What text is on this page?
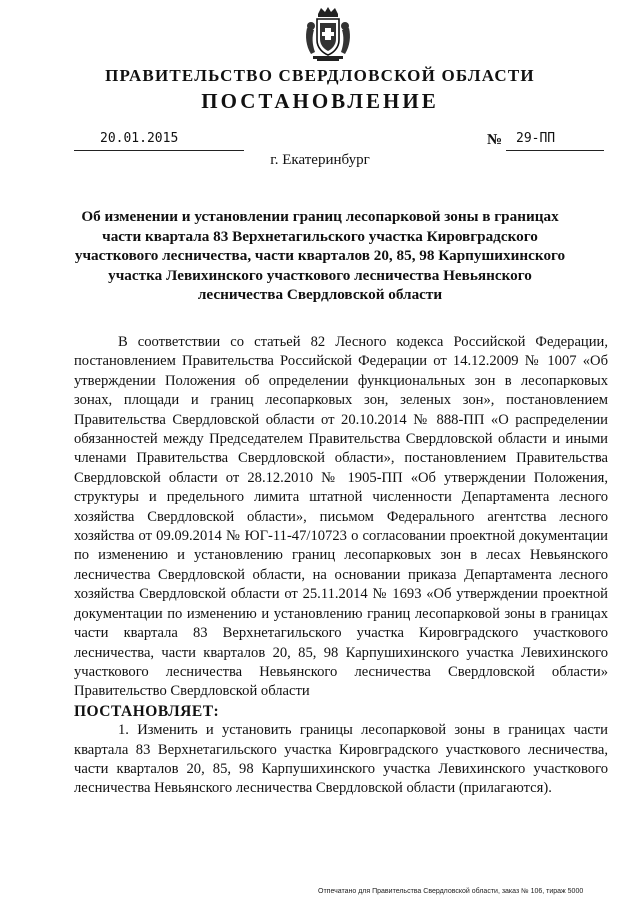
ПРАВИТЕЛЬСТВО СВЕРДЛОВСКОЙ ОБЛАСТИ
ПОСТАНОВЛЕНИЕ
20.01.2015	№ 29-ПП
г. Екатеринбург
Об изменении и установлении границ лесопарковой зоны в границах части квартала 83 Верхнетагильского участка Кировградского участкового лесничества, части кварталов 20, 85, 98 Карпушихинского участка Левихинского участкового лесничества Невьянского лесничества Свердловской области

В соответствии со статьей 82 Лесного кодекса Российской Федерации, постановлением Правительства Российской Федерации от 14.12.2009 № 1007 «Об утверждении Положения об определении функциональных зон в лесопарковых зонах, площади и границ лесопарковых зон, зеленых зон», постановлением Правительства Свердловской области от 20.10.2014 № 888-ПП «О распределении обязанностей между Председателем Правительства Свердловской области и иными членами Правительства Свердловской области», постановлением Правительства Свердловской области от 28.12.2010 № 1905-ПП «Об утверждении Положения, структуры и предельного лимита штатной численности Департамента лесного хозяйства Свердловской области», письмом Федерального агентства лесного хозяйства от 09.09.2014 № ЮГ-11-47/10723 о согласовании проектной документации по изменению и установлению границ лесопарковых зон в лесах Невьянского лесничества Свердловской области, на основании приказа Департамента лесного хозяйства Свердловской области от 25.11.2014 № 1693 «Об утверждении проектной документации по изменению и установлению границ лесопарковой зоны в границах части квартала 83 Верхнетагильского участка Кировградского участкового лесничества, части кварталов 20, 85, 98 Карпушихинского участка Левихинского участкового лесничества Невьянского лесничества Свердловской области» Правительство Свердловской области

ПОСТАНОВЛЯЕТ:

1. Изменить и установить границы лесопарковой зоны в границах части квартала 83 Верхнетагильского участка Кировградского участкового лесничества, части кварталов 20, 85, 98 Карпушихинского участка Левихинского участкового лесничества Невьянского лесничества Свердловской области (прилагаются).

Отпечатано для Правительства Свердловской области, заказ № 106, тираж 5000
